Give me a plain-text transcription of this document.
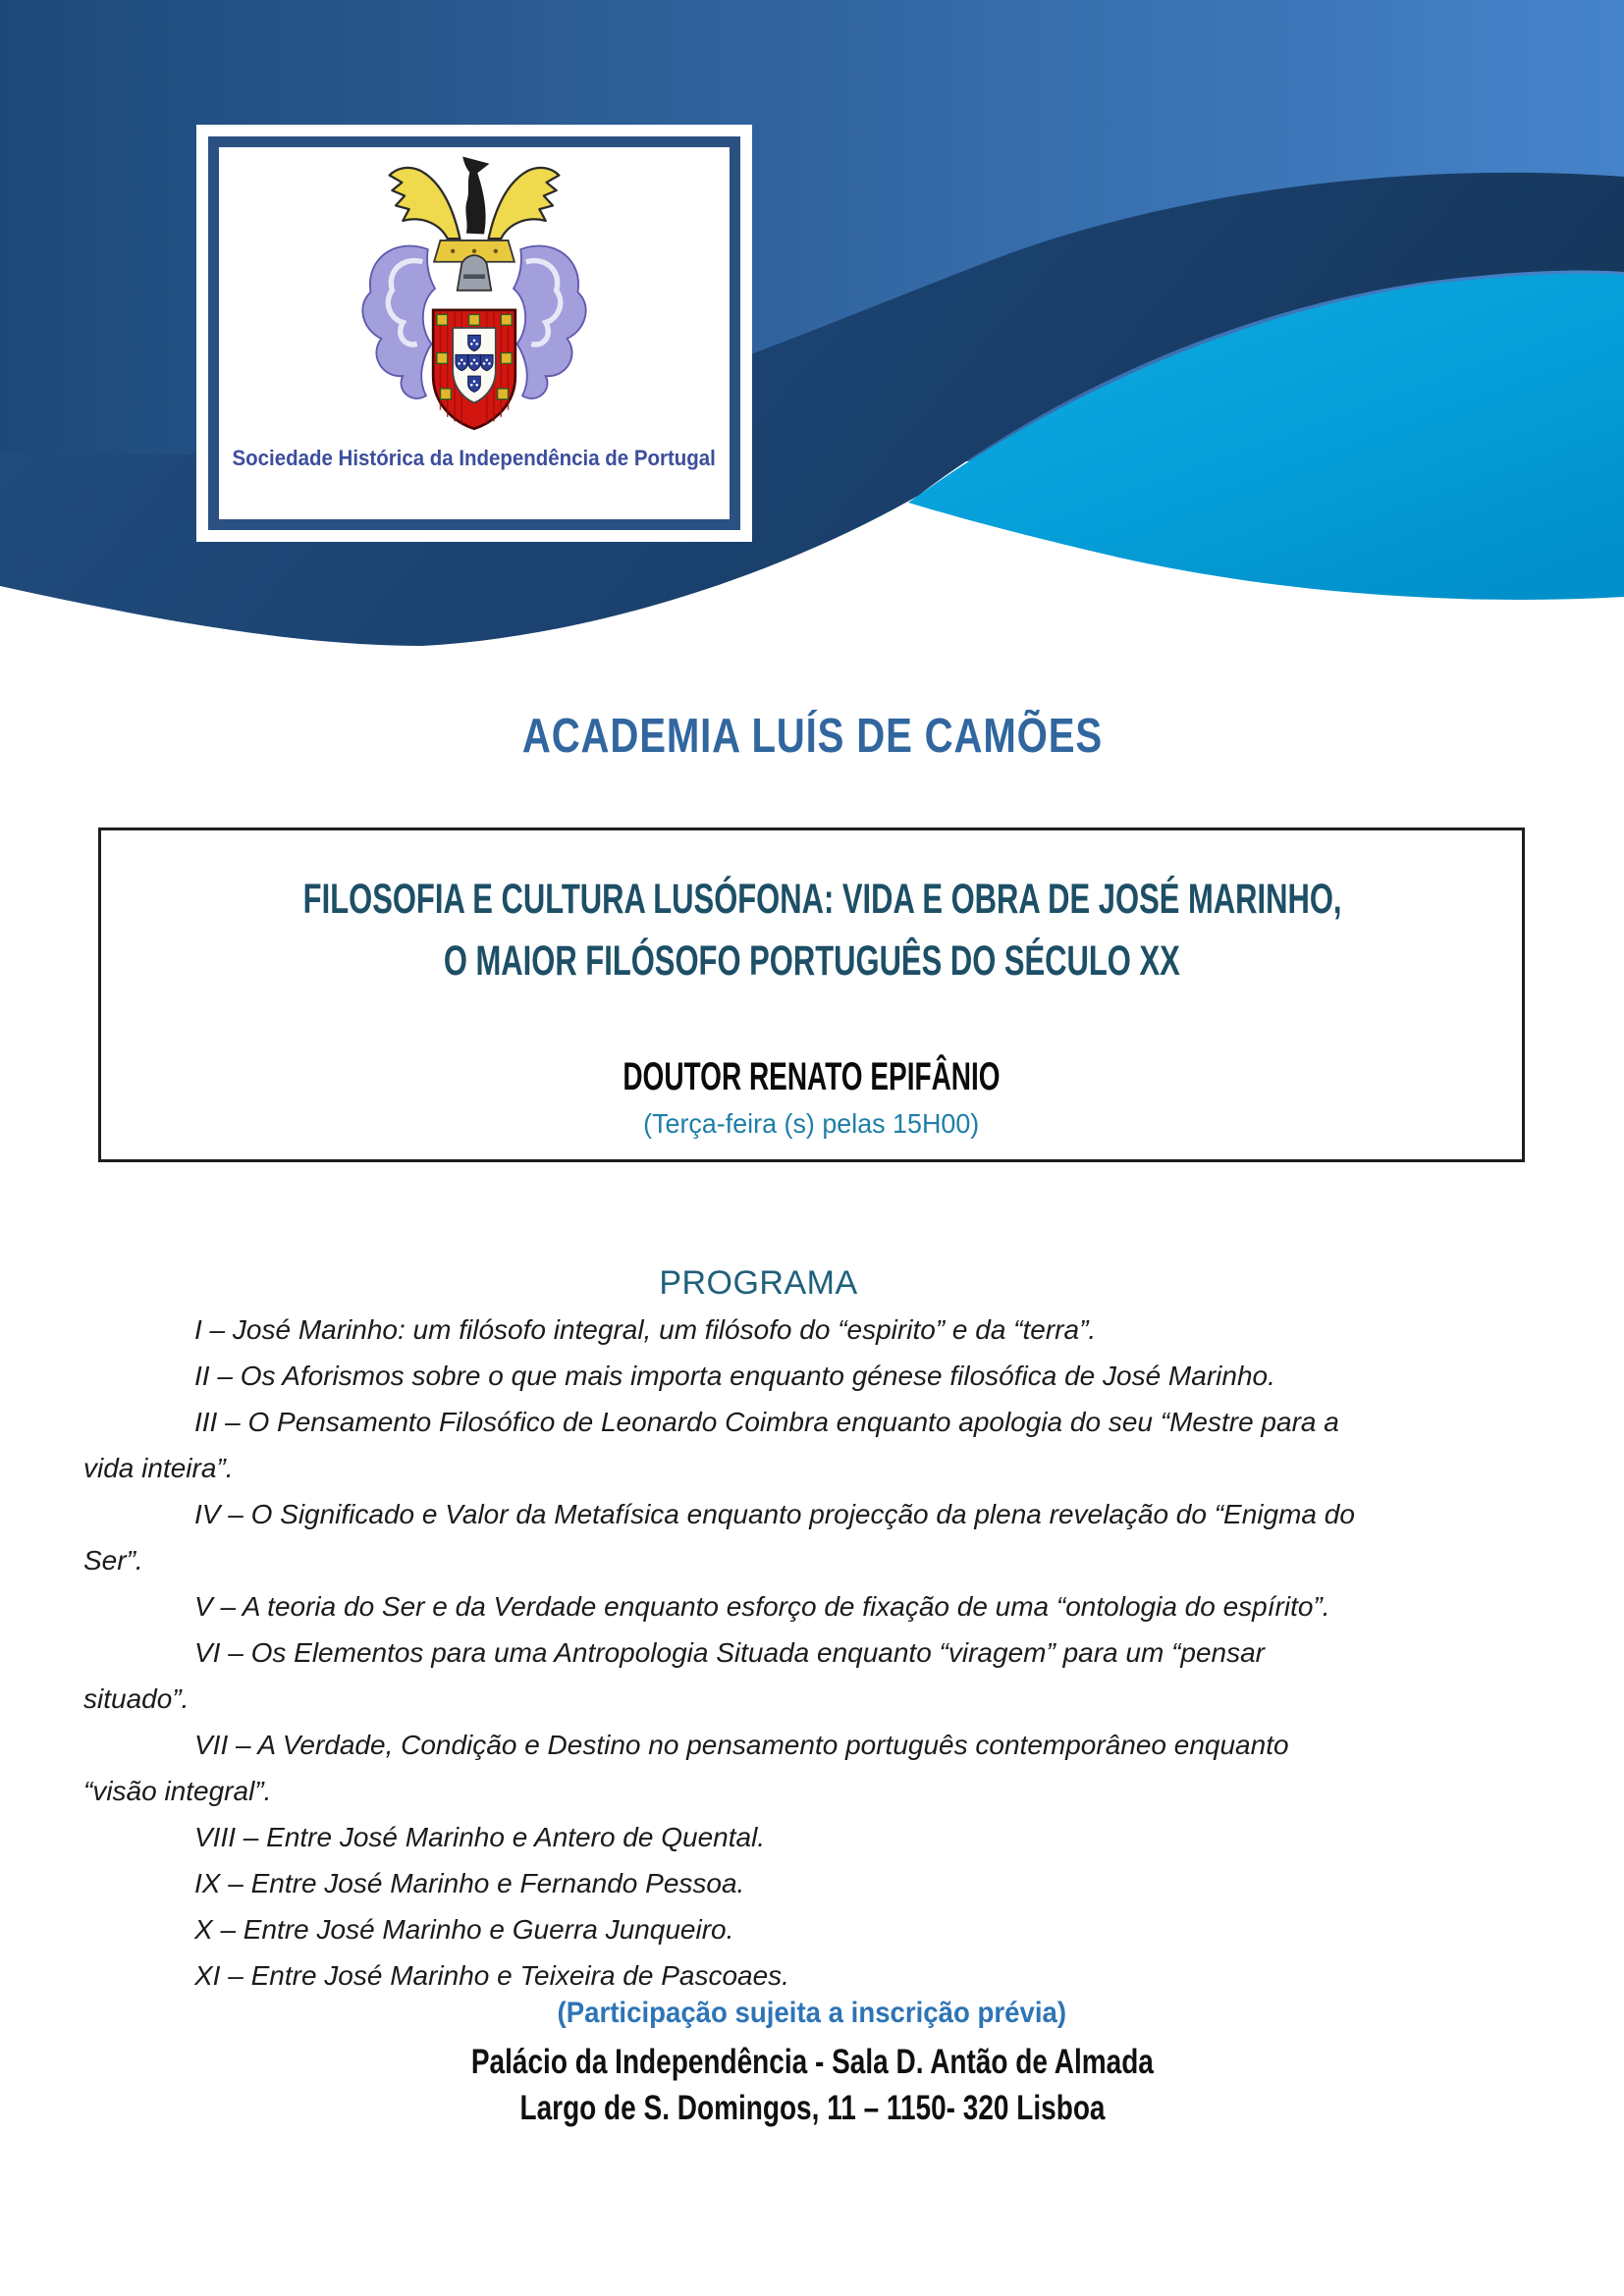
Sociedade Histórica da Independência de Portugal
ACADEMIA LUÍS DE CAMÕES
FILOSOFIA E CULTURA LUSÓFONA: VIDA E OBRA DE JOSÉ MARINHO,
O MAIOR FILÓSOFO PORTUGUÊS DO SÉCULO XX
DOUTOR RENATO EPIFÂNIO
(Terça-feira (s) pelas 15H00)
PROGRAMA
I – José Marinho: um filósofo integral, um filósofo do “espirito” e da “terra”.
II – Os Aforismos sobre o que mais importa enquanto génese filosófica de José Marinho.
III – O Pensamento Filosófico de Leonardo Coimbra enquanto apologia do seu “Mestre para a
vida inteira”.
IV – O Significado e Valor da Metafísica enquanto projecção da plena revelação do “Enigma do
Ser”.
V – A teoria do Ser e da Verdade enquanto esforço de fixação de uma “ontologia do espírito”.
VI – Os Elementos para uma Antropologia Situada enquanto “viragem” para um “pensar
situado”.
VII – A Verdade, Condição e Destino no pensamento português contemporâneo enquanto
“visão integral”.
VIII – Entre José Marinho e Antero de Quental.
IX – Entre José Marinho e Fernando Pessoa.
X – Entre José Marinho e Guerra Junqueiro.
XI – Entre José Marinho e Teixeira de Pascoaes.
(Participação sujeita a inscrição prévia)
Palácio da Independência - Sala D. Antão de Almada
Largo de S. Domingos, 11 – 1150- 320 Lisboa
